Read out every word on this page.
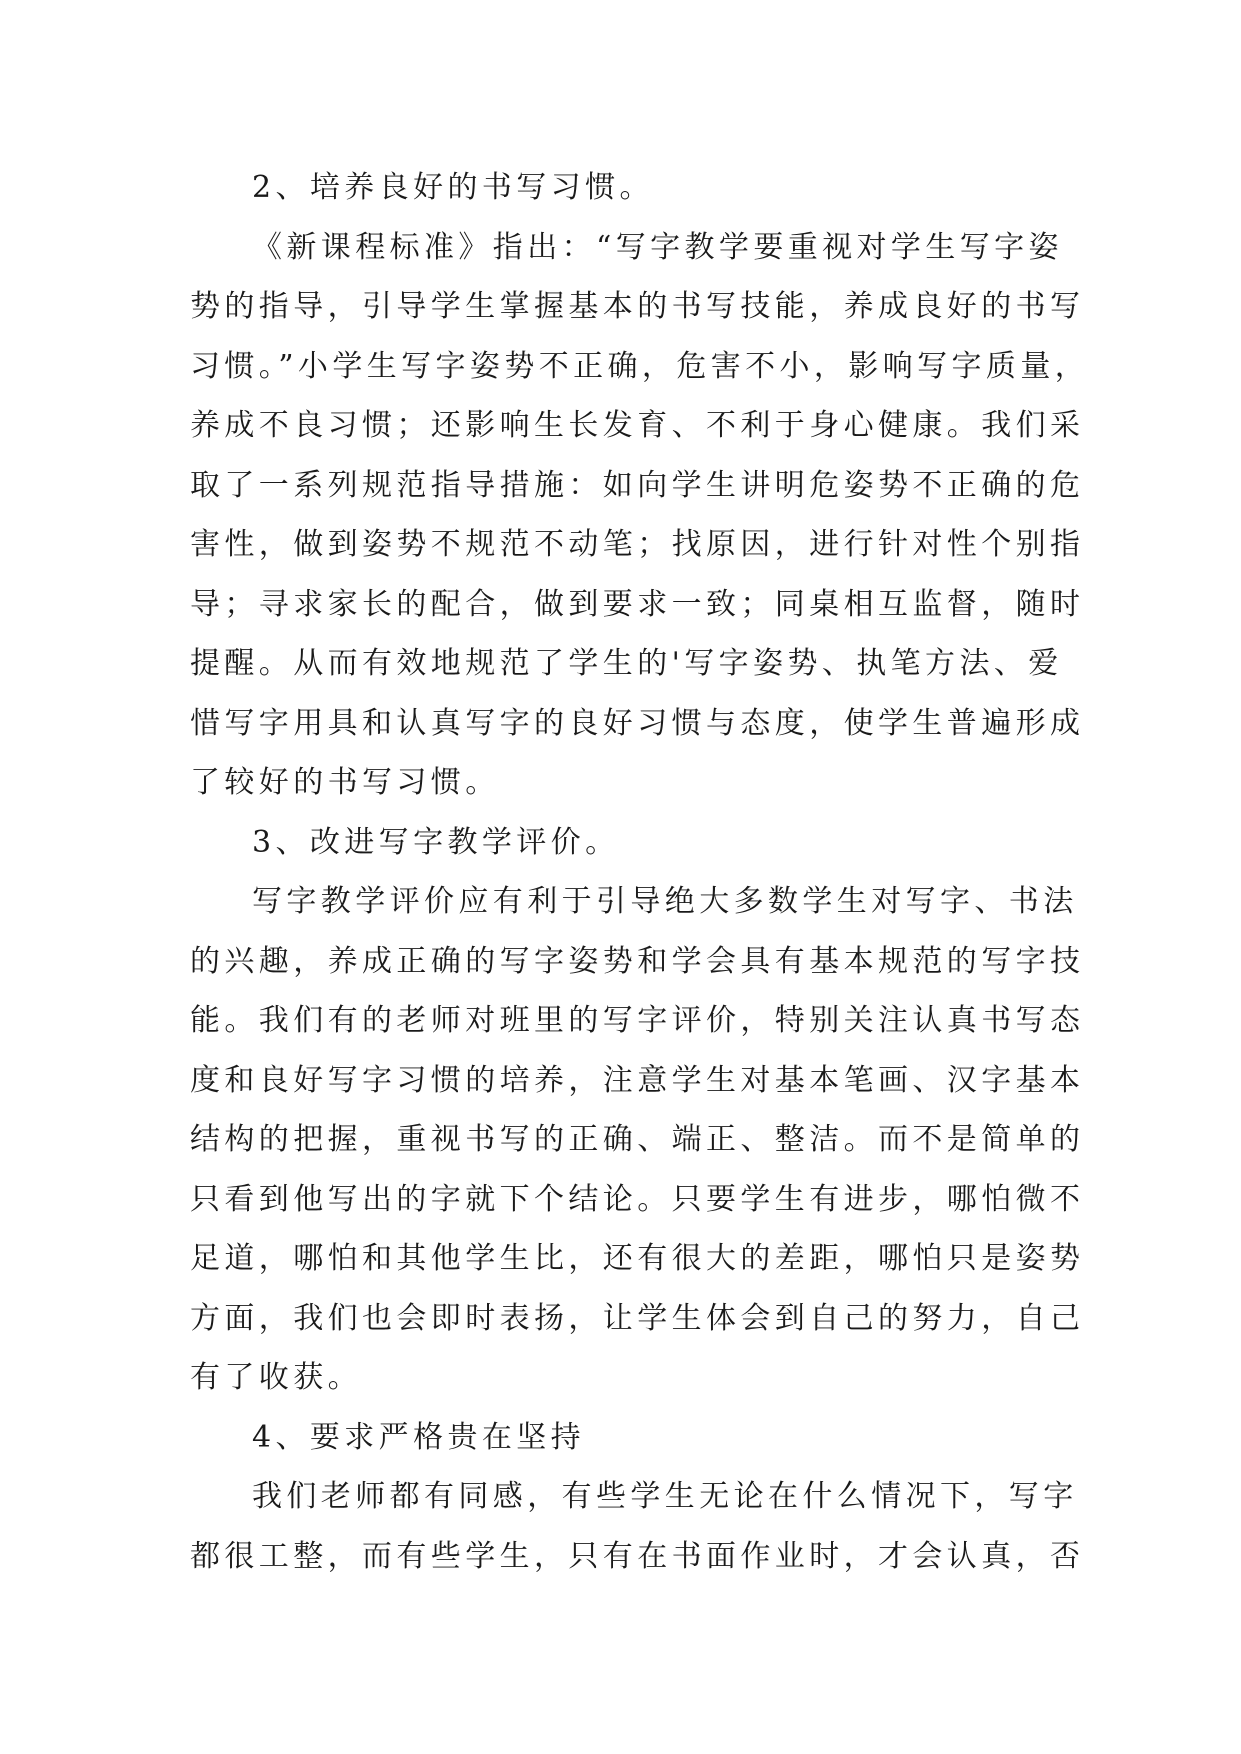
2、培养良好的书写习惯。
《新课程标准》指出：“写字教学要重视对学生写字姿
势的指导，引导学生掌握基本的书写技能，养成良好的书写
习惯。”小学生写字姿势不正确，危害不小，影响写字质量，
养成不良习惯；还影响生长发育、不利于身心健康。我们采
取了一系列规范指导措施：如向学生讲明危姿势不正确的危
害性，做到姿势不规范不动笔；找原因，进行针对性个别指
导；寻求家长的配合，做到要求一致；同桌相互监督，随时
提醒。从而有效地规范了学生的'写字姿势、执笔方法、爱
惜写字用具和认真写字的良好习惯与态度，使学生普遍形成
了较好的书写习惯。
3、改进写字教学评价。
写字教学评价应有利于引导绝大多数学生对写字、书法
的兴趣，养成正确的写字姿势和学会具有基本规范的写字技
能。我们有的老师对班里的写字评价，特别关注认真书写态
度和良好写字习惯的培养，注意学生对基本笔画、汉字基本
结构的把握，重视书写的正确、端正、整洁。而不是简单的
只看到他写出的字就下个结论。只要学生有进步，哪怕微不
足道，哪怕和其他学生比，还有很大的差距，哪怕只是姿势
方面，我们也会即时表扬，让学生体会到自己的努力，自己
有了收获。
4、要求严格贵在坚持
我们老师都有同感，有些学生无论在什么情况下，写字
都很工整，而有些学生，只有在书面作业时，才会认真，否
